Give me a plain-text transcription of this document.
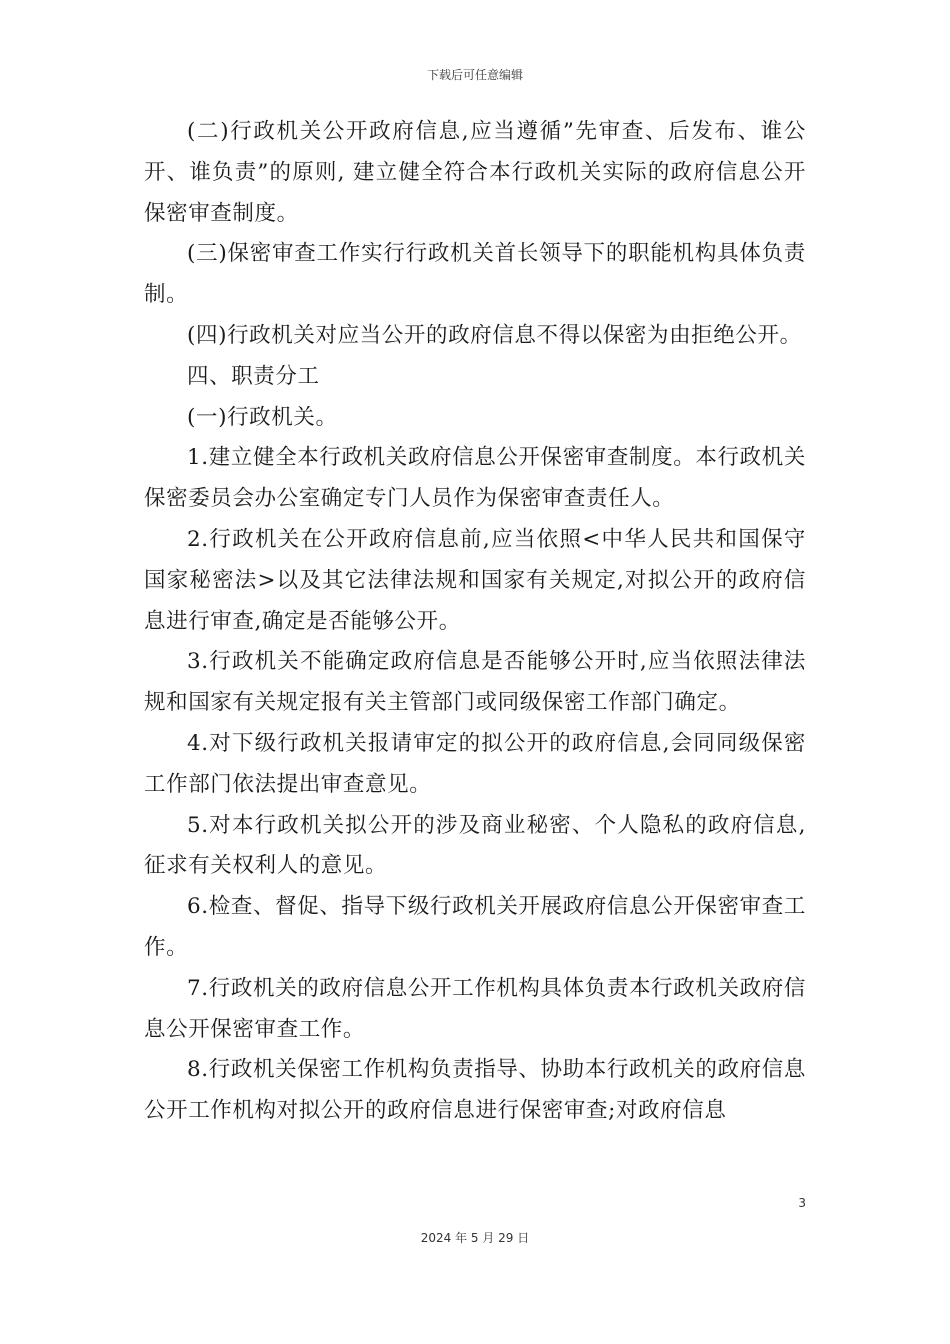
下载后可任意编辑

(二)行政机关公开政府信息,应当遵循”先审查、后发布、谁公开、谁负责”的原则, 建立健全符合本行政机关实际的政府信息公开保密审查制度。

(三)保密审查工作实行行政机关首长领导下的职能机构具体负责制。

(四)行政机关对应当公开的政府信息不得以保密为由拒绝公开。

四、职责分工

(一)行政机关。

1.建立健全本行政机关政府信息公开保密审查制度。本行政机关保密委员会办公室确定专门人员作为保密审查责任人。

2.行政机关在公开政府信息前,应当依照<中华人民共和国保守国家秘密法>以及其它法律法规和国家有关规定,对拟公开的政府信息进行审查,确定是否能够公开。

3.行政机关不能确定政府信息是否能够公开时,应当依照法律法规和国家有关规定报有关主管部门或同级保密工作部门确定。

4.对下级行政机关报请审定的拟公开的政府信息,会同同级保密工作部门依法提出审查意见。

5.对本行政机关拟公开的涉及商业秘密、个人隐私的政府信息,征求有关权利人的意见。

6.检查、督促、指导下级行政机关开展政府信息公开保密审查工作。

7.行政机关的政府信息公开工作机构具体负责本行政机关政府信息公开保密审查工作。

8.行政机关保密工作机构负责指导、协助本行政机关的政府信息公开工作机构对拟公开的政府信息进行保密审查;对政府信息

3
2024 年 5 月 29 日
